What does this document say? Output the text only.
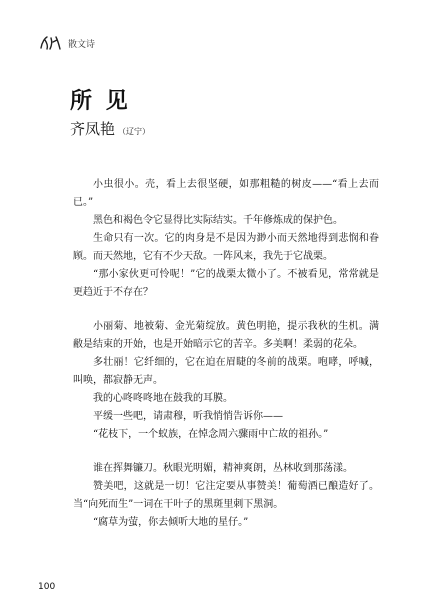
散文诗
所 见
齐凤艳 （辽宁）

小虫很小。壳，看上去很坚硬，如那粗糙的树皮——“看上去而已。”

黑色和褐色令它显得比实际结实。千年修炼成的保护色。

生命只有一次。它的肉身是不是因为渺小而天然地得到悲悯和眷顾。而天然地，它有不少天敌。一阵风来，我先于它战栗。

“那小家伙更可怜呢！”它的战栗太微小了。不被看见，常常就是更趋近于不存在？

小丽菊、地被菊、金光菊绽放。黄色明艳，提示我秋的生机。满敝是结束的开始，也是开始暗示它的苦辛。多美啊！柔弱的花朵。

多壮丽！它纤细的，它在迫在眉睫的冬前的战栗。咆哮，呼喊，叫唤，都寂静无声。

我的心咚咚咚地在鼓我的耳膜。

平缓一些吧，请肃穆，听我悄悄告诉你——

“花枝下，一个蚁族，在悼念周六骤雨中亡故的祖孙。”

谁在挥舞镰刀。秋眼光明媚，精神爽朗，丛林收到那荡漾。

赞美吧，这就是一切！它注定要从事赞美！葡萄酒已酿造好了。当“向死而生”一词在干叶子的黑斑里刺下黑洞。

“腐草为萤，你去倾听大地的星仔。”

100
